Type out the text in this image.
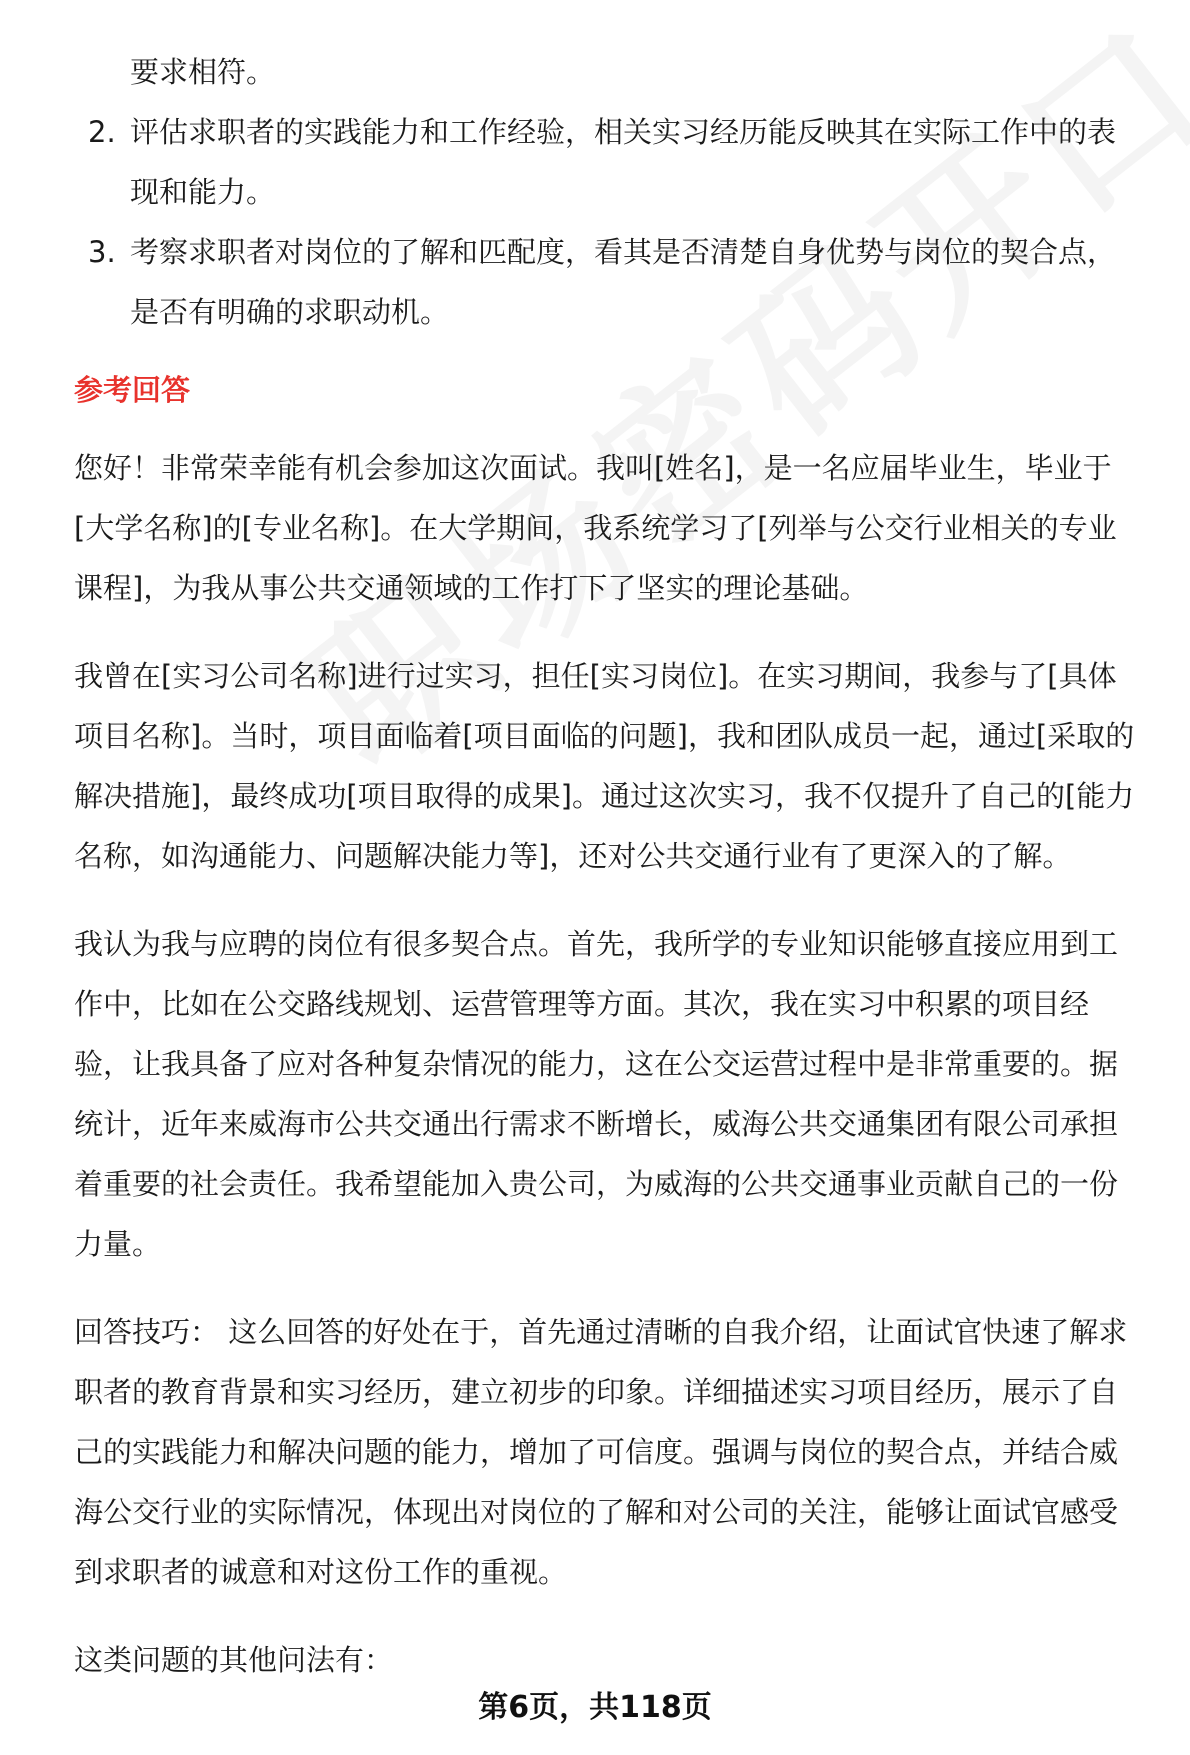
要求相符。
2. 评估求职者的实践能力和工作经验，相关实习经历能反映其在实际工作中的表
现和能力。
3. 考察求职者对岗位的了解和匹配度，看其是否清楚自身优势与岗位的契合点，
是否有明确的求职动机。
参考回答
您好！非常荣幸能有机会参加这次面试。我叫[姓名]，是一名应届毕业生，毕业于
[大学名称]的[专业名称]。在大学期间，我系统学习了[列举与公交行业相关的专业
课程]，为我从事公共交通领域的工作打下了坚实的理论基础。
我曾在[实习公司名称]进行过实习，担任[实习岗位]。在实习期间，我参与了[具体
项目名称]。当时，项目面临着[项目面临的问题]，我和团队成员一起，通过[采取的
解决措施]，最终成功[项目取得的成果]。通过这次实习，我不仅提升了自己的[能力
名称，如沟通能力、问题解决能力等]，还对公共交通行业有了更深入的了解。
我认为我与应聘的岗位有很多契合点。首先，我所学的专业知识能够直接应用到工
作中，比如在公交路线规划、运营管理等方面。其次，我在实习中积累的项目经
验，让我具备了应对各种复杂情况的能力，这在公交运营过程中是非常重要的。据
统计，近年来威海市公共交通出行需求不断增长，威海公共交通集团有限公司承担
着重要的社会责任。我希望能加入贵公司，为威海的公共交通事业贡献自己的一份
力量。
回答技巧： 这么回答的好处在于，首先通过清晰的自我介绍，让面试官快速了解求
职者的教育背景和实习经历，建立初步的印象。详细描述实习项目经历，展示了自
己的实践能力和解决问题的能力，增加了可信度。强调与岗位的契合点，并结合威
海公交行业的实际情况，体现出对岗位的了解和对公司的关注，能够让面试官感受
到求职者的诚意和对这份工作的重视。
这类问题的其他问法有：
第6页，共118页
